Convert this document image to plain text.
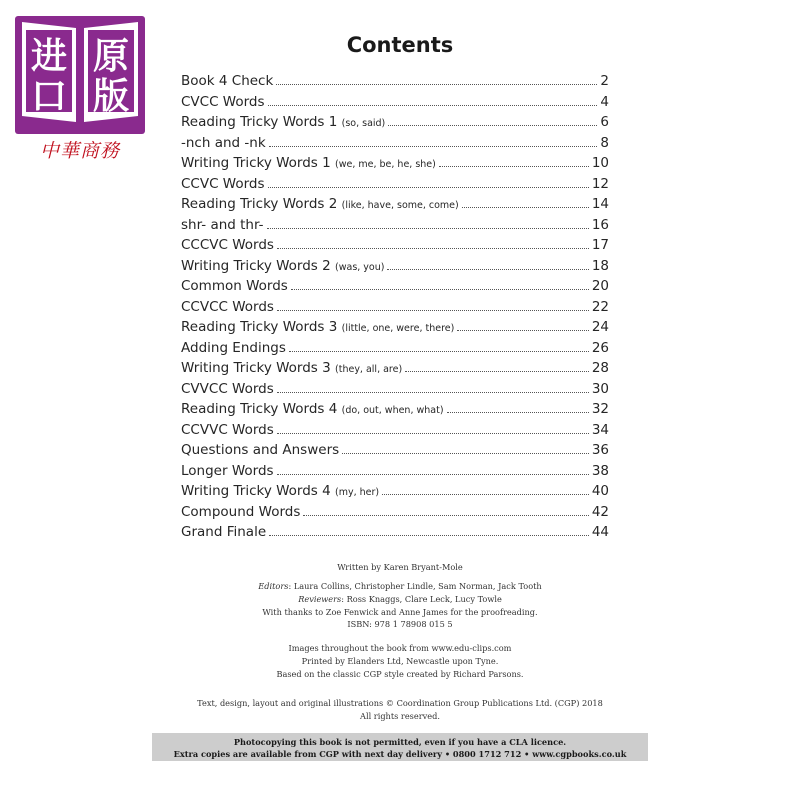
进 原
口 版
中華商務
Contents
Book 4 Check	2
CVCC Words	4
Reading Tricky Words 1 (so, said)	6
-nch and -nk	8
Writing Tricky Words 1 (we, me, be, he, she)	10
CCVC Words	12
Reading Tricky Words 2 (like, have, some, come)	14
shr- and thr-	16
CCCVC Words	17
Writing Tricky Words 2 (was, you)	18
Common Words	20
CCVCC Words	22
Reading Tricky Words 3 (little, one, were, there)	24
Adding Endings	26
Writing Tricky Words 3 (they, all, are)	28
CVVCC Words	30
Reading Tricky Words 4 (do, out, when, what)	32
CCVVC Words	34
Questions and Answers	36
Longer Words	38
Writing Tricky Words 4 (my, her)	40
Compound Words	42
Grand Finale	44
Written by Karen Bryant-Mole
Editors: Laura Collins, Christopher Lindle, Sam Norman, Jack Tooth
Reviewers: Ross Knaggs, Clare Leck, Lucy Towle
With thanks to Zoe Fenwick and Anne James for the proofreading.
ISBN: 978 1 78908 015 5
Images throughout the book from www.edu-clips.com
Printed by Elanders Ltd, Newcastle upon Tyne.
Based on the classic CGP style created by Richard Parsons.
Text, design, layout and original illustrations © Coordination Group Publications Ltd. (CGP) 2018
All rights reserved.
Photocopying this book is not permitted, even if you have a CLA licence.
Extra copies are available from CGP with next day delivery • 0800 1712 712 • www.cgpbooks.co.uk
